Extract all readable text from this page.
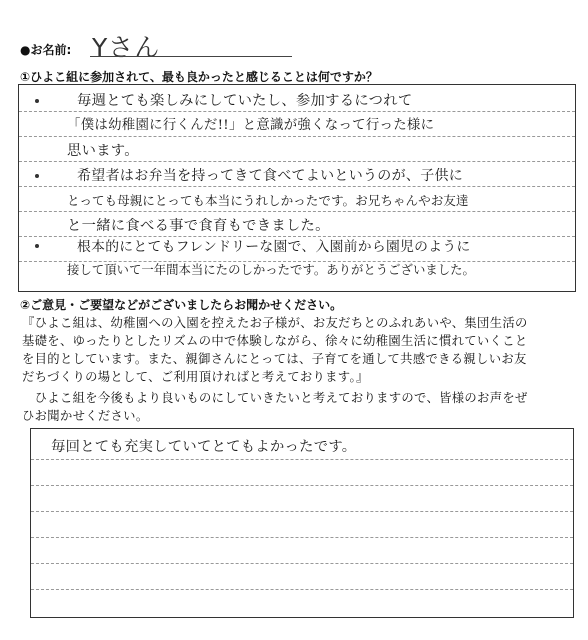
●お名前: Yさん
①ひよこ組に参加されて、最も良かったと感じることは何ですか？
毎週とても楽しみにしていたし、参加するにつれて
「僕は幼稚園に行くんだ!!」と意識が強くなって行った様に
思います。
希望者はお弁当を持ってきて食べてよいというのが、子供に
とっても母親にとっても本当にうれしかったです。お兄ちゃんやお友達
と一緒に食べる事で食育もできました。
根本的にとてもフレンドリーな園で、入園前から園児のように
接して頂いて一年間本当にたのしかったです。ありがとうございました。
②ご意見・ご要望などがございましたらお聞かせください。
『ひよこ組は、幼稚園への入園を控えたお子様が、お友だちとのふれあいや、集団生活の
基礎を、ゆったりとしたリズムの中で体験しながら、徐々に幼稚園生活に慣れていくこと
を目的としています。また、親御さんにとっては、子育てを通して共感できる親しいお友
だちづくりの場として、ご利用頂ければと考えております。』
　ひよこ組を今後もより良いものにしていきたいと考えておりますので、皆様のお声をぜ
ひお聞かせください。
毎回とても充実していてとてもよかったです。
